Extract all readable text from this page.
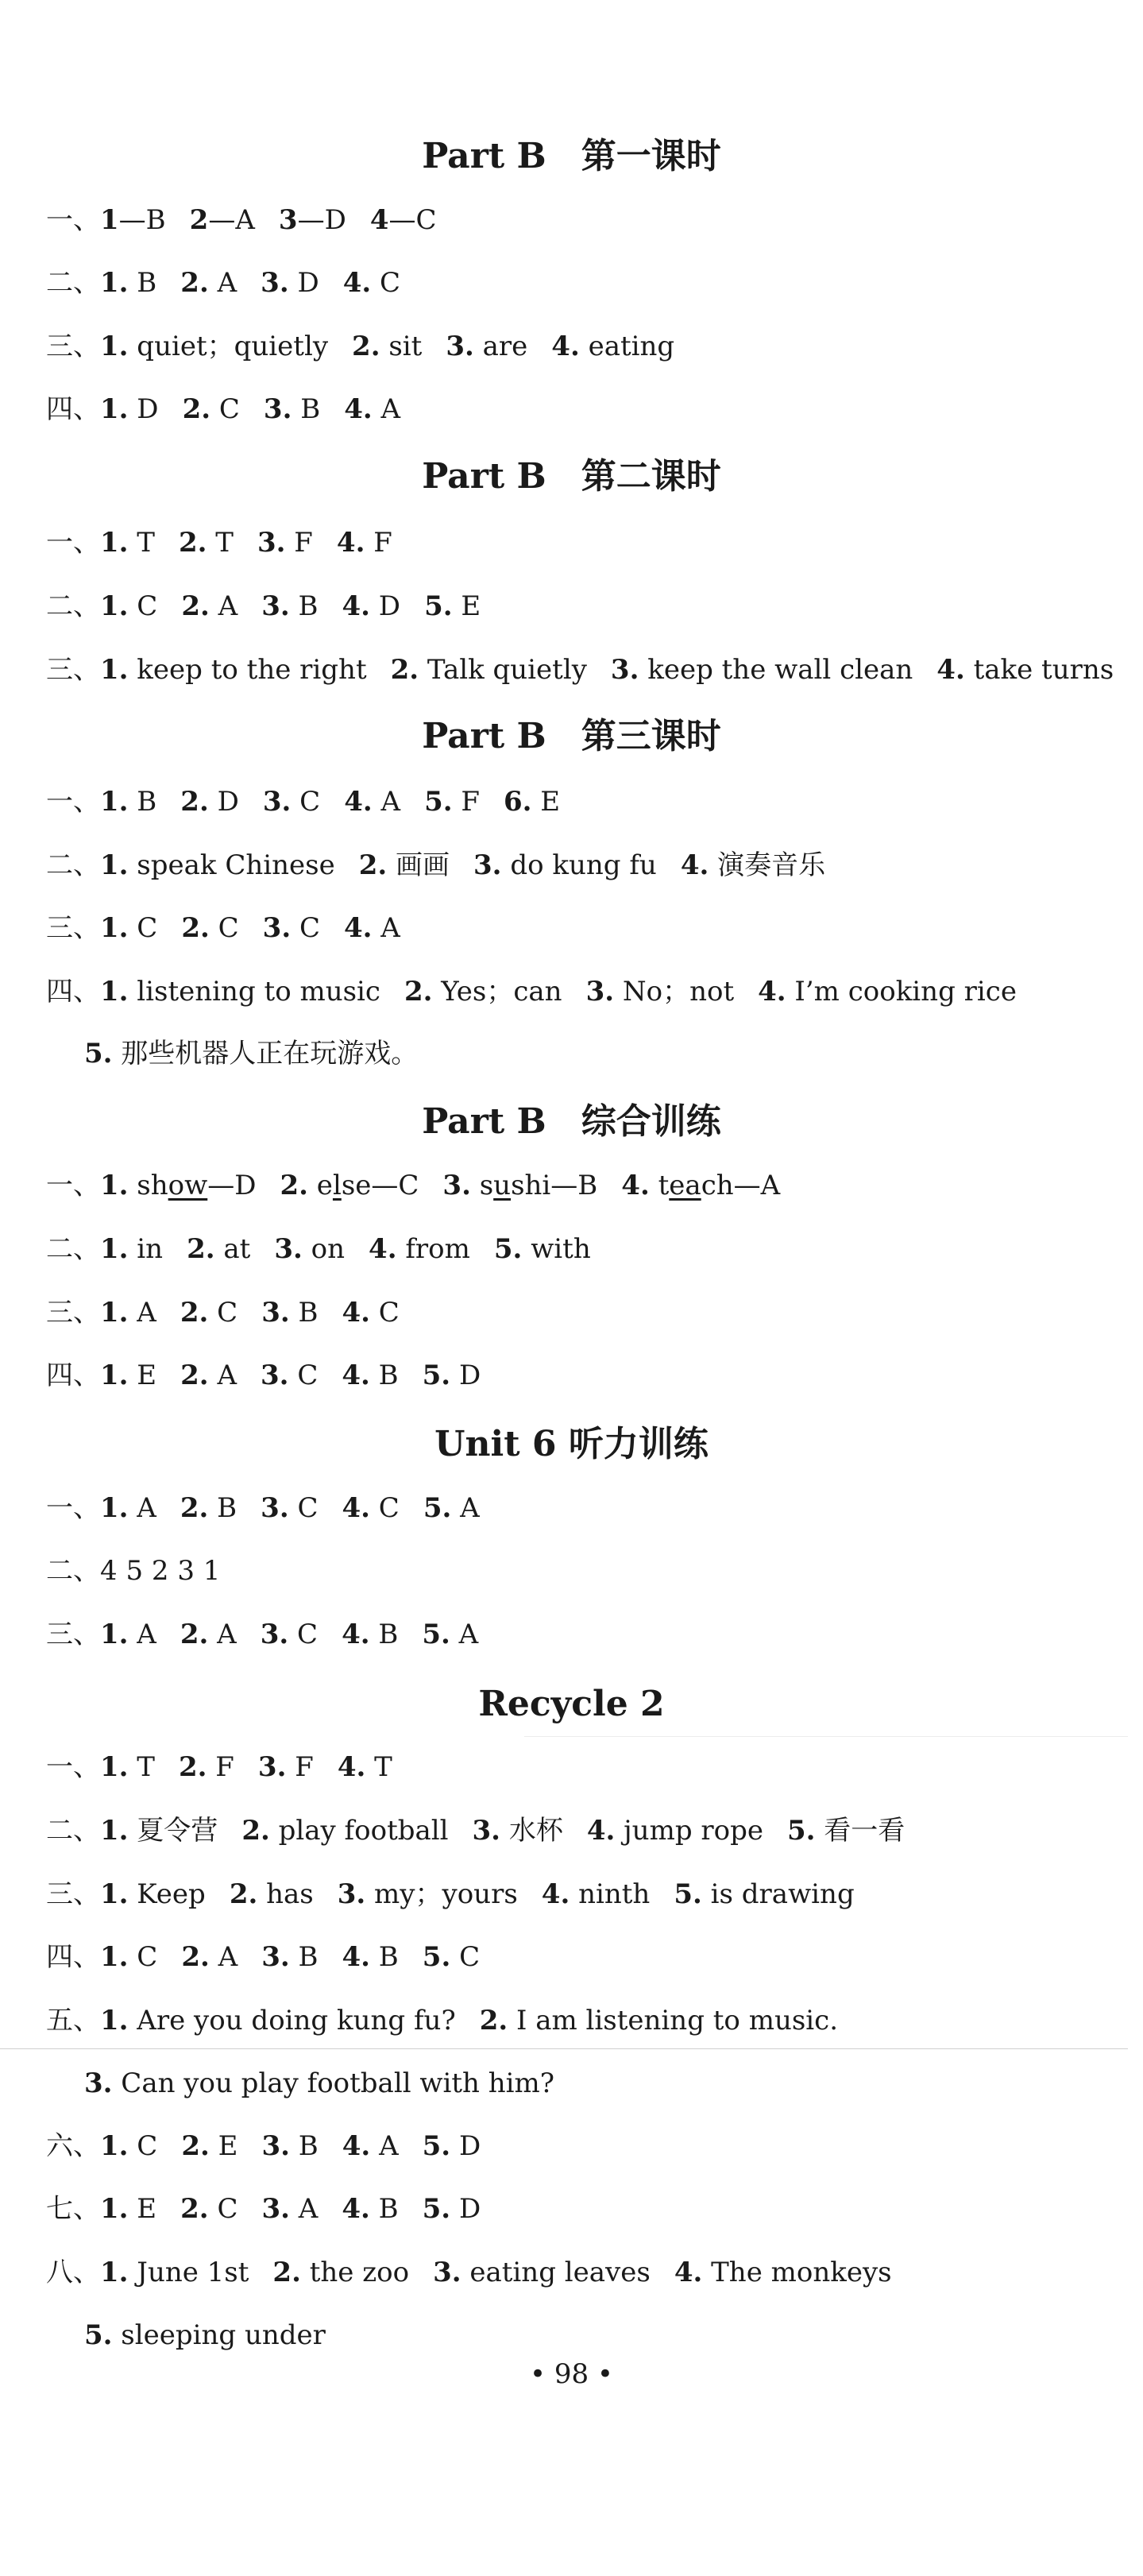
Part B　第一课时
Part B　第二课时
Part B　第三课时
Part B　综合训练
Unit 6 听力训练
Recycle 2
一、1—B 2—A 3—D 4—C
二、1. B 2. A 3. D 4. C
三、1. quiet；quietly 2. sit 3. are 4. eating
四、1. D 2. C 3. B 4. A
一、1. T 2. T 3. F 4. F
二、1. C 2. A 3. B 4. D 5. E
三、1. keep to the right 2. Talk quietly 3. keep the wall clean 4. take turns
一、1. B 2. D 3. C 4. A 5. F 6. E
二、1. speak Chinese 2. 画画 3. do kung fu 4. 演奏音乐
三、1. C 2. C 3. C 4. A
四、1. listening to music 2. Yes；can 3. No；not 4. I’m cooking rice
5. 那些机器人正在玩游戏。
一、1. show—D 2. else—C 3. sushi—B 4. teach—A
二、1. in 2. at 3. on 4. from 5. with
三、1. A 2. C 3. B 4. C
四、1. E 2. A 3. C 4. B 5. D
一、1. A 2. B 3. C 4. C 5. A
二、4 5 2 3 1
三、1. A 2. A 3. C 4. B 5. A
一、1. T 2. F 3. F 4. T
二、1. 夏令营 2. play football 3. 水杯 4. jump rope 5. 看一看
三、1. Keep 2. has 3. my；yours 4. ninth 5. is drawing
四、1. C 2. A 3. B 4. B 5. C
五、1. Are you doing kung fu? 2. I am listening to music.
3. Can you play football with him?
六、1. C 2. E 3. B 4. A 5. D
七、1. E 2. C 3. A 4. B 5. D
八、1. June 1st 2. the zoo 3. eating leaves 4. The monkeys
5. sleeping under
• 98 •
